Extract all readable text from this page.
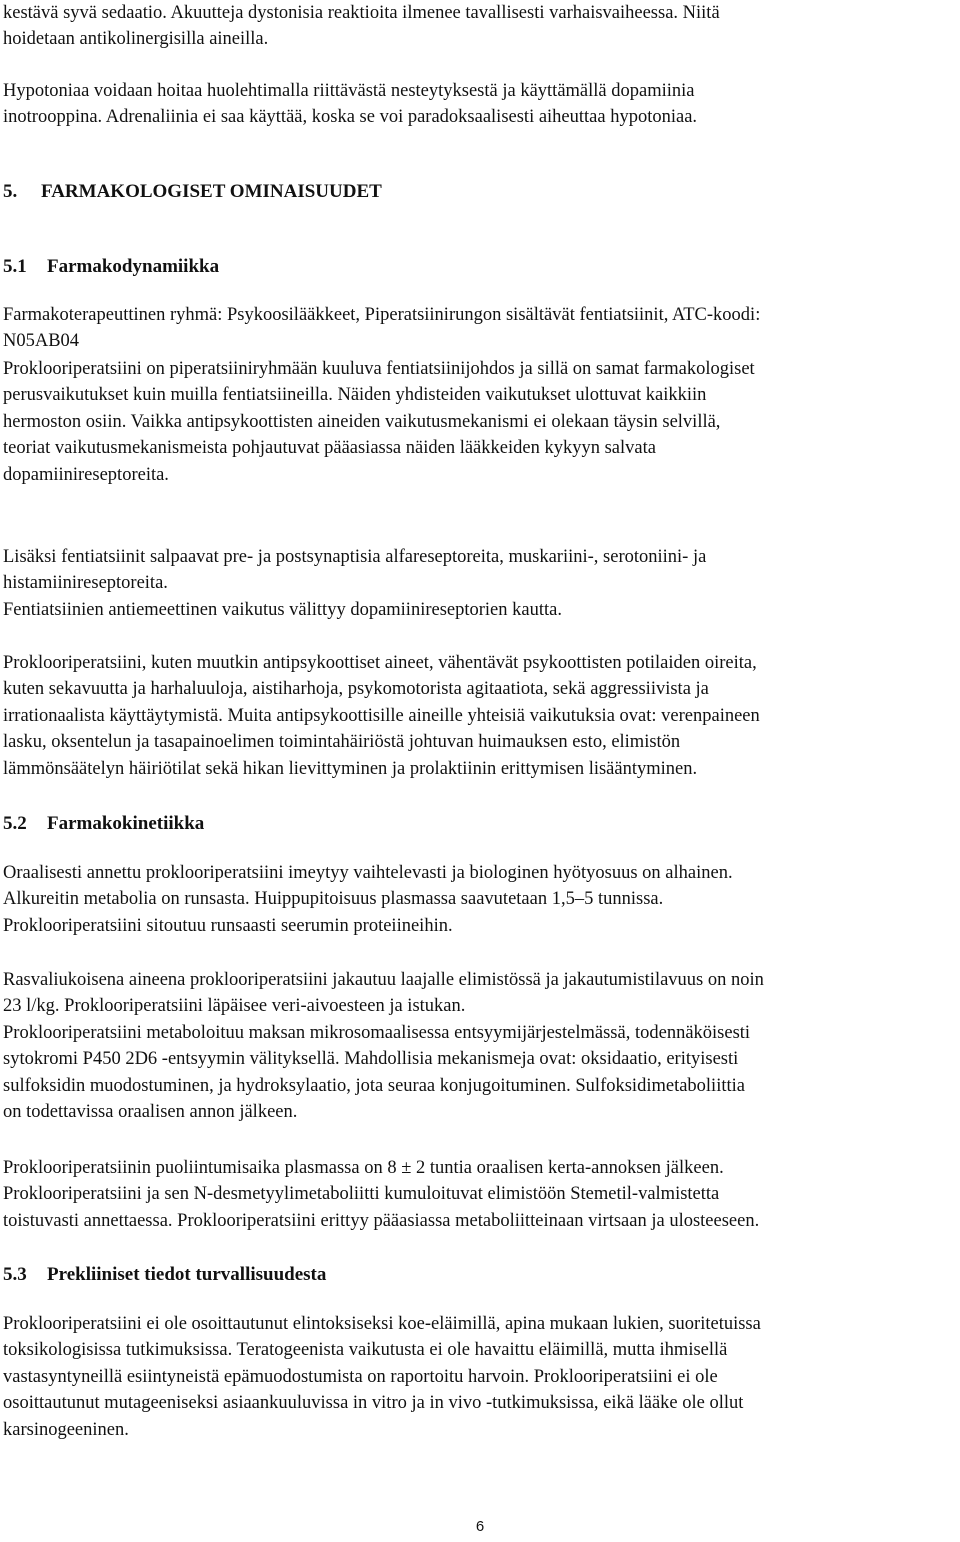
kestävä syvä sedaatio. Akuutteja dystonisia reaktioita ilmenee tavallisesti varhaisvaiheessa. Niitä
hoidetaan antikolinergisilla aineilla.

Hypotoniaa voidaan hoitaa huolehtimalla riittävästä nesteytyksestä ja käyttämällä dopamiinia
inotrooppina. Adrenaliinia ei saa käyttää, koska se voi paradoksaalisesti aiheuttaa hypotoniaa.

5. FARMAKOLOGISET OMINAISUUDET
5.1 Farmakodynamiikka

Farmakoterapeuttinen ryhmä: Psykoosilääkkeet, Piperatsiinirungon sisältävät fentiatsiinit, ATC-koodi:
N05AB04

Proklooriperatsiini on piperatsiiniryhmään kuuluva fentiatsiinijohdos ja sillä on samat farmakologiset
perusvaikutukset kuin muilla fentiatsiineilla. Näiden yhdisteiden vaikutukset ulottuvat kaikkiin
hermoston osiin. Vaikka antipsykoottisten aineiden vaikutusmekanismi ei olekaan täysin selvillä,
teoriat vaikutusmekanismeista pohjautuvat pääasiassa näiden lääkkeiden kykyyn salvata
dopamiinireseptoreita.

Lisäksi fentiatsiinit salpaavat pre- ja postsynaptisia alfareseptoreita, muskariini-, serotoniini- ja
histamiinireseptoreita.
Fentiatsiinien antiemeettinen vaikutus välittyy dopamiinireseptorien kautta.

Proklooriperatsiini, kuten muutkin antipsykoottiset aineet, vähentävät psykoottisten potilaiden oireita,
kuten sekavuutta ja harhaluuloja, aistiharhoja, psykomotorista agitaatiota, sekä aggressiivista ja
irrationaalista käyttäytymistä. Muita antipsykoottisille aineille yhteisiä vaikutuksia ovat: verenpaineen
lasku, oksentelun ja tasapainoelimen toimintahäiriöstä johtuvan huimauksen esto, elimistön
lämmönsäätelyn häiriötilat sekä hikan lievittyminen ja prolaktiinin erittymisen lisääntyminen.

5.2 Farmakokinetiikka

Oraalisesti annettu proklooriperatsiini imeytyy vaihtelevasti ja biologinen hyötyosuus on alhainen.
Alkureitin metabolia on runsasta. Huippupitoisuus plasmassa saavutetaan 1,5–5 tunnissa.
Proklooriperatsiini sitoutuu runsaasti seerumin proteiineihin.

Rasvaliukoisena aineena proklooriperatsiini jakautuu laajalle elimistössä ja jakautumistilavuus on noin
23 l/kg. Proklooriperatsiini läpäisee veri-aivoesteen ja istukan.
Proklooriperatsiini metaboloituu maksan mikrosomaalisessa entsyymijärjestelmässä, todennäköisesti
sytokromi P450 2D6 -entsyymin välityksellä. Mahdollisia mekanismeja ovat: oksidaatio, erityisesti
sulfoksidin muodostuminen, ja hydroksylaatio, jota seuraa konjugoituminen. Sulfoksidimetaboliittia
on todettavissa oraalisen annon jälkeen.

Proklooriperatsiinin puoliintumisaika plasmassa on 8 ± 2 tuntia oraalisen kerta-annoksen jälkeen.
Proklooriperatsiini ja sen N-desmetyylimetaboliitti kumuloituvat elimistöön Stemetil-valmistetta
toistuvasti annettaessa. Proklooriperatsiini erittyy pääasiassa metaboliitteinaan virtsaan ja ulosteeseen.

5.3 Prekliiniset tiedot turvallisuudesta

Proklooriperatsiini ei ole osoittautunut elintoksiseksi koe-eläimillä, apina mukaan lukien, suoritetuissa
toksikologisissa tutkimuksissa. Teratogeenista vaikutusta ei ole havaittu eläimillä, mutta ihmisellä
vastasyntyneillä esiintyneistä epämuodostumista on raportoitu harvoin. Proklooriperatsiini ei ole
osoittautunut mutageeniseksi asiaankuuluvissa in vitro ja in vivo -tutkimuksissa, eikä lääke ole ollut
karsinogeeninen.

6
